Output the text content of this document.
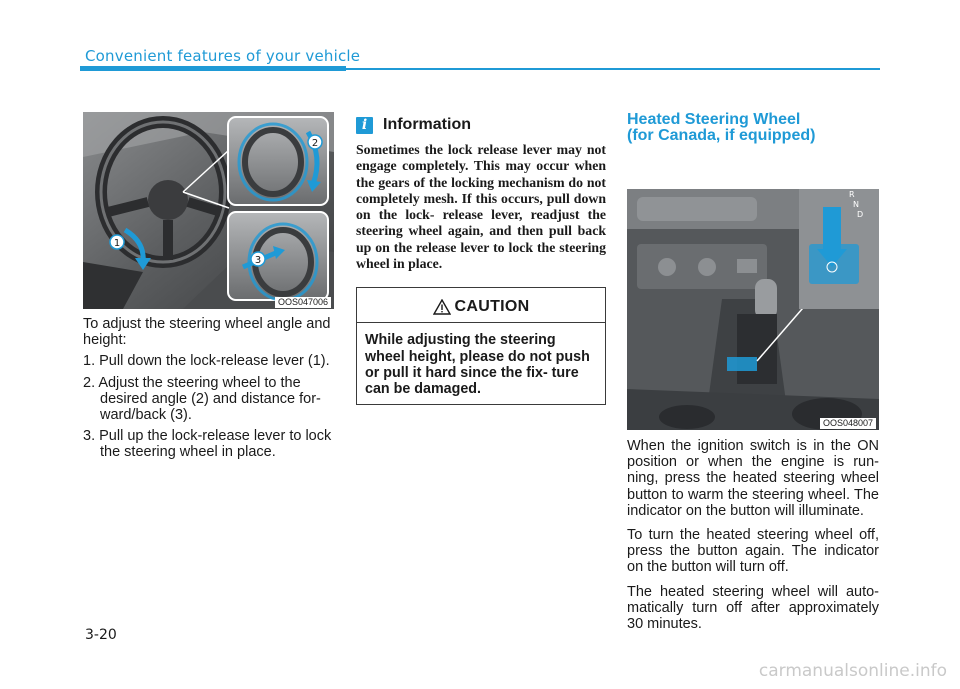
Convenient features of your vehicle
1
2
3
OOS047006

To adjust the steering wheel angle and height:

1. Pull down the lock-release lever (1).
2. Adjust the steering wheel to the desired angle (2) and distance for- ward/back (3).
3. Pull up the lock-release lever to lock the steering wheel in place.
i Information

Sometimes the lock release lever may not engage completely. This may occur when the gears of the locking mechanism do not completely mesh. If this occurs, pull down on the lock- release lever, readjust the steering wheel again, and then pull back up on the release lever to lock the steering wheel in place.

CAUTION

While adjusting the steering wheel height, please do not push or pull it hard since the fix- ture can be damaged.

Heated Steering Wheel
(for Canada, if equipped)
R
N
D
OOS048007

When the ignition switch is in the ON position or when the engine is run- ning, press the heated steering wheel button to warm the steering wheel. The indicator on the button will illuminate.

To turn the heated steering wheel off, press the button again. The indicator on the button will turn off.

The heated steering wheel will auto- matically turn off after approximately 30 minutes.

3-20
carmanualsonline.info
